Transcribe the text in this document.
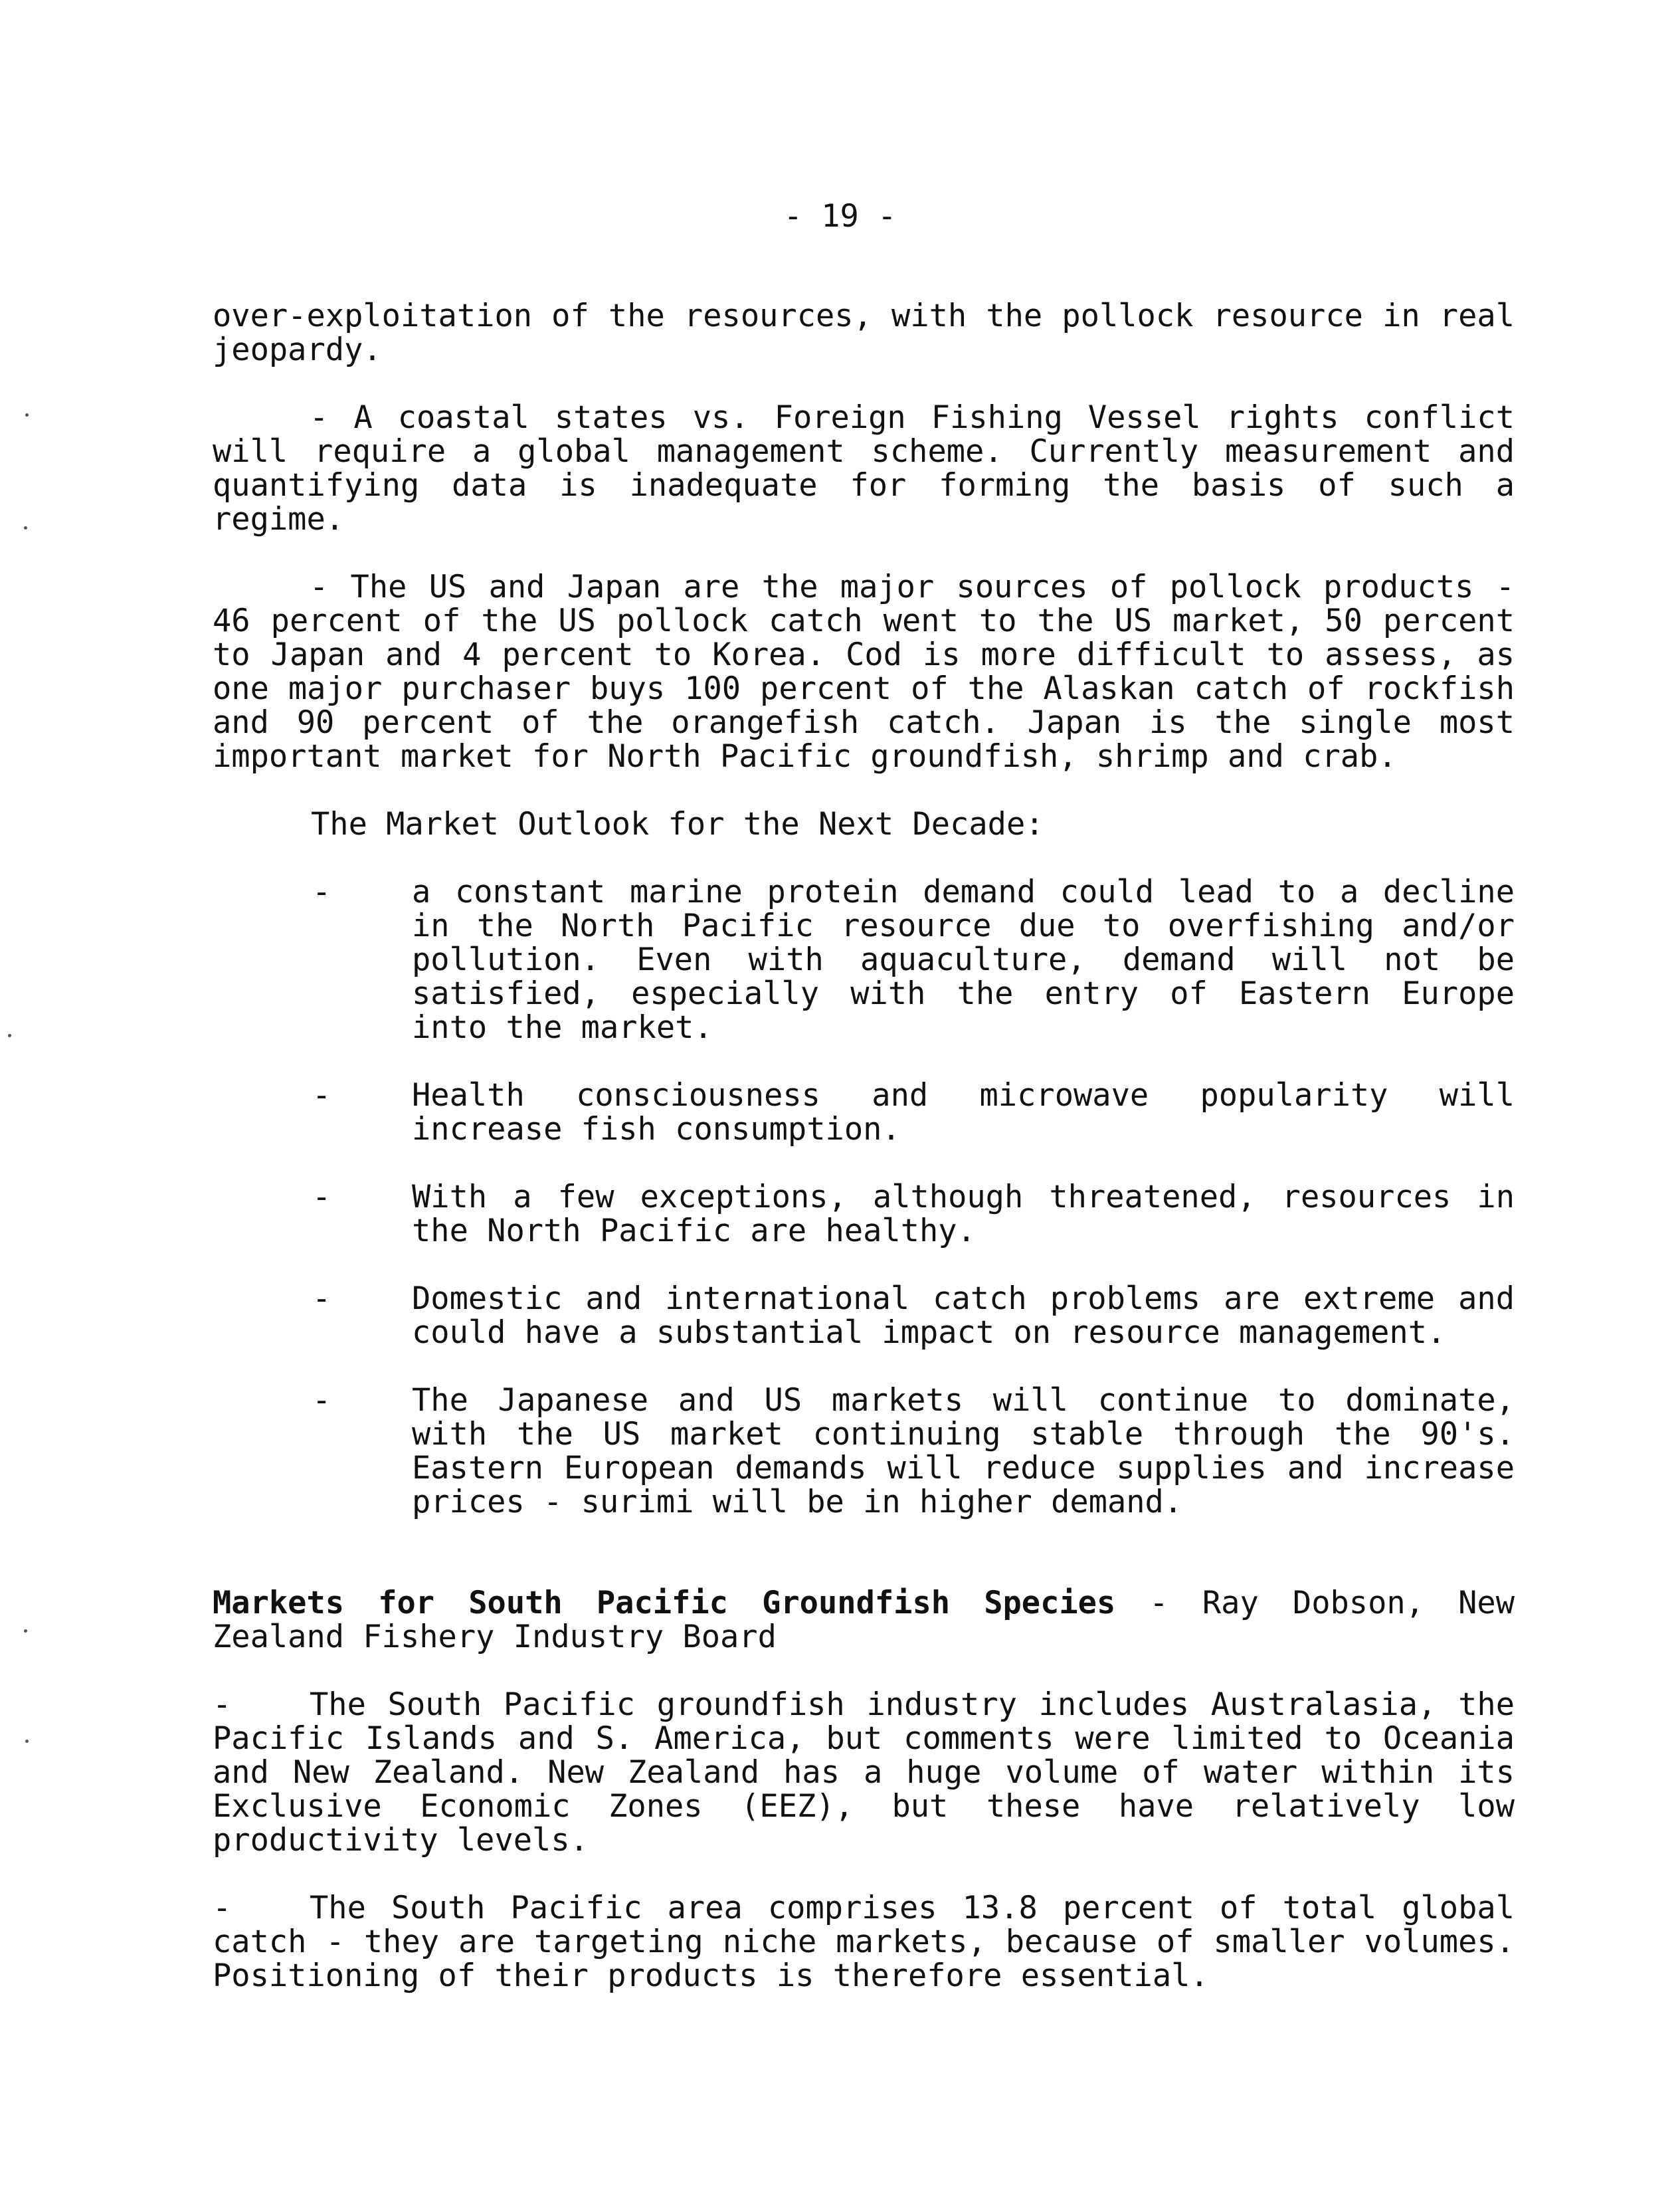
- 19 -

over-exploitation of the resources, with the pollock resource in real jeopardy.

- A coastal states vs. Foreign Fishing Vessel rights conflict will require a global management scheme. Currently measurement and quantifying data is inadequate for forming the basis of such a regime.

- The US and Japan are the major sources of pollock products - 46 percent of the US pollock catch went to the US market, 50 percent to Japan and 4 percent to Korea. Cod is more difficult to assess, as one major purchaser buys 100 percent of the Alaskan catch of rockfish and 90 percent of the orangefish catch. Japan is the single most important market for North Pacific groundfish, shrimp and crab.

The Market Outlook for the Next Decade:
-	a constant marine protein demand could lead to a decline in the North Pacific resource due to overfishing and/or pollution. Even with aquaculture, demand will not be satisfied, especially with the entry of Eastern Europe into the market.
-	Health consciousness and microwave popularity will increase fish consumption.
-	With a few exceptions, although threatened, resources in the North Pacific are healthy.
-	Domestic and international catch problems are extreme and could have a substantial impact on resource management.
-	The Japanese and US markets will continue to dominate, with the US market continuing stable through the 90's. Eastern European demands will reduce supplies and increase prices - surimi will be in higher demand.

Markets for South Pacific Groundfish Species - Ray Dobson, New Zealand Fishery Industry Board

-	The South Pacific groundfish industry includes Australasia, the Pacific Islands and S. America, but comments were limited to Oceania and New Zealand. New Zealand has a huge volume of water within its Exclusive Economic Zones (EEZ), but these have relatively low productivity levels.

-	The South Pacific area comprises 13.8 percent of total global catch - they are targeting niche markets, because of smaller volumes. Positioning of their products is therefore essential.
